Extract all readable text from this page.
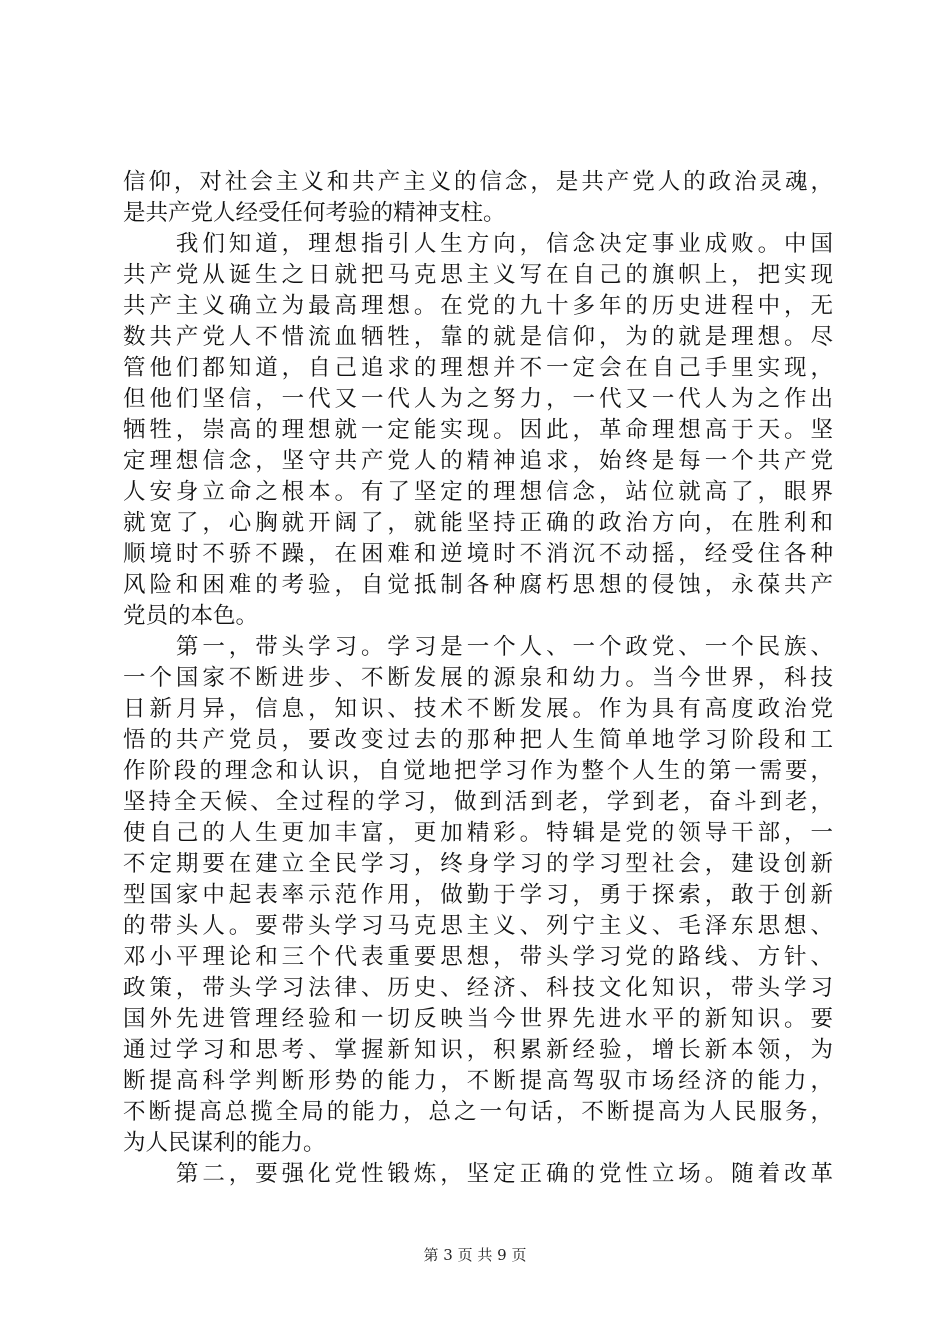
信仰，对社会主义和共产主义的信念，是共产党人的政治灵魂，
是共产党人经受任何考验的精神支柱。
　　我们知道，理想指引人生方向，信念决定事业成败。中国
共产党从诞生之日就把马克思主义写在自己的旗帜上，把实现
共产主义确立为最高理想。在党的九十多年的历史进程中，无
数共产党人不惜流血牺牲，靠的就是信仰，为的就是理想。尽
管他们都知道，自己追求的理想并不一定会在自己手里实现，
但他们坚信，一代又一代人为之努力，一代又一代人为之作出
牺牲，崇高的理想就一定能实现。因此，革命理想高于天。坚
定理想信念，坚守共产党人的精神追求，始终是每一个共产党
人安身立命之根本。有了坚定的理想信念，站位就高了，眼界
就宽了，心胸就开阔了，就能坚持正确的政治方向，在胜利和
顺境时不骄不躁，在困难和逆境时不消沉不动摇，经受住各种
风险和困难的考验，自觉抵制各种腐朽思想的侵蚀，永葆共产
党员的本色。
　　第一，带头学习。学习是一个人、一个政党、一个民族、
一个国家不断进步、不断发展的源泉和幼力。当今世界，科技
日新月异，信息，知识、技术不断发展。作为具有高度政治党
悟的共产党员，要改变过去的那种把人生简单地学习阶段和工
作阶段的理念和认识，自觉地把学习作为整个人生的第一需要，
坚持全天候、全过程的学习，做到活到老，学到老，奋斗到老，
使自己的人生更加丰富，更加精彩。特辑是党的领导干部，一
不定期要在建立全民学习，终身学习的学习型社会，建设创新
型国家中起表率示范作用，做勤于学习，勇于探索，敢于创新
的带头人。要带头学习马克思主义、列宁主义、毛泽东思想、
邓小平理论和三个代表重要思想，带头学习党的路线、方针、
政策，带头学习法律、历史、经济、科技文化知识，带头学习
国外先进管理经验和一切反映当今世界先进水平的新知识。要
通过学习和思考、掌握新知识，积累新经验，增长新本领，为
断提高科学判断形势的能力，不断提高驾驭市场经济的能力，
不断提高总揽全局的能力，总之一句话，不断提高为人民服务，
为人民谋利的能力。
　　第二，要强化党性锻炼，坚定正确的党性立场。随着改革
第 3 页 共 9 页
